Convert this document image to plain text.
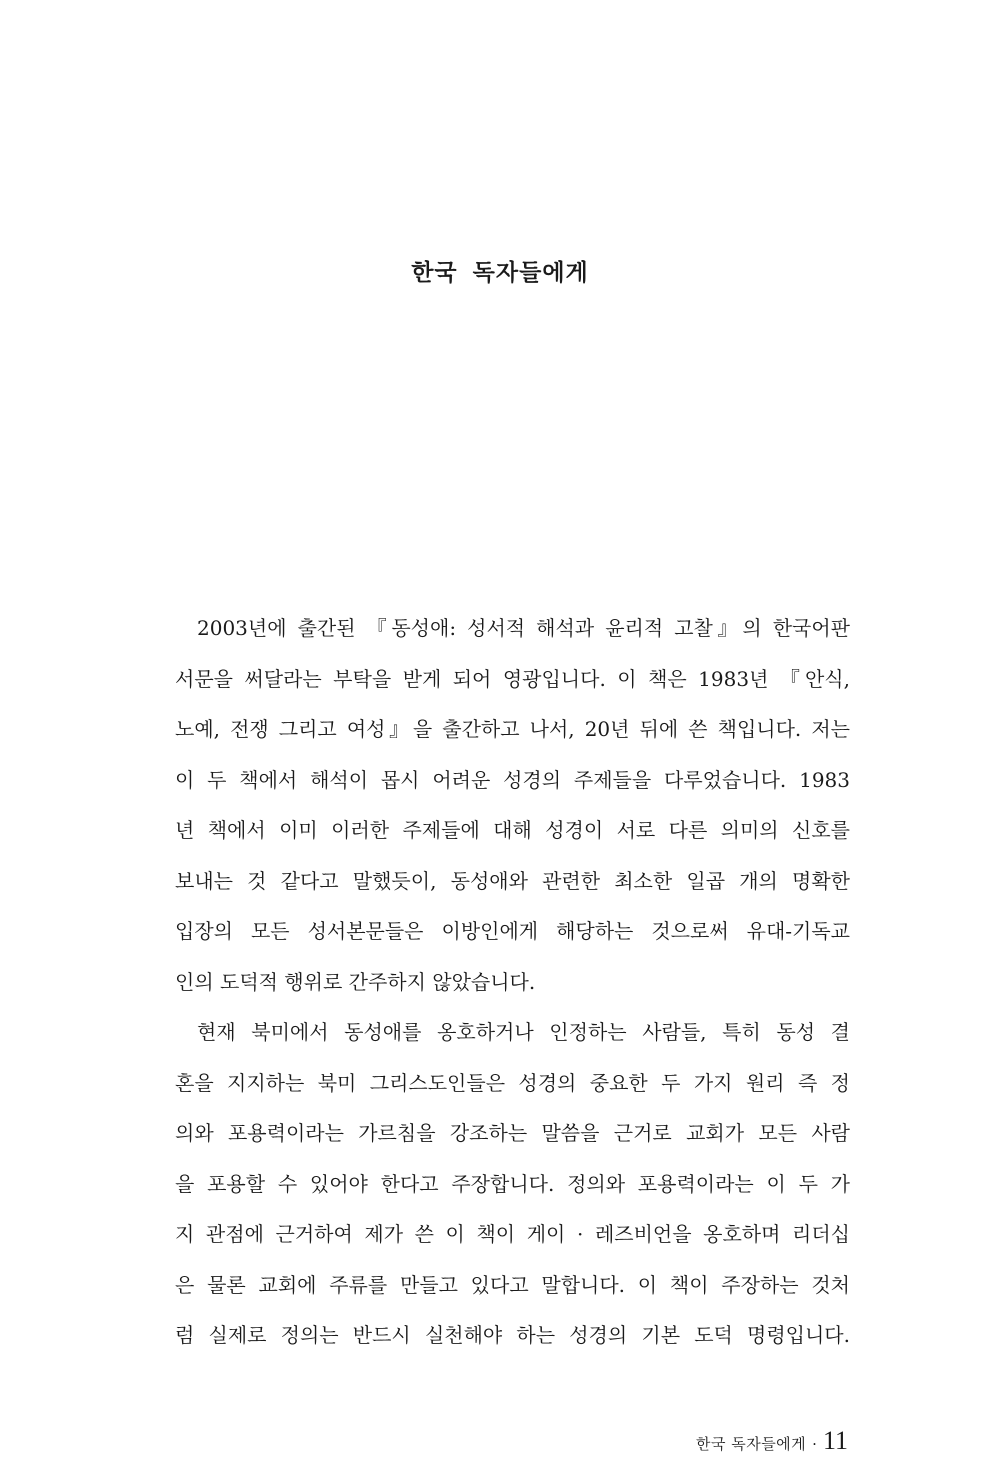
한국 독자들에게
2003년에 출간된 『동성애: 성서적 해석과 윤리적 고찰』의 한국어판
서문을 써달라는 부탁을 받게 되어 영광입니다. 이 책은 1983년 『안식,
노예, 전쟁 그리고 여성』을 출간하고 나서, 20년 뒤에 쓴 책입니다. 저는
이 두 책에서 해석이 몹시 어려운 성경의 주제들을 다루었습니다. 1983
년 책에서 이미 이러한 주제들에 대해 성경이 서로 다른 의미의 신호를
보내는 것 같다고 말했듯이, 동성애와 관련한 최소한 일곱 개의 명확한
입장의 모든 성서본문들은 이방인에게 해당하는 것으로써 유대-기독교
인의 도덕적 행위로 간주하지 않았습니다.
현재 북미에서 동성애를 옹호하거나 인정하는 사람들, 특히 동성 결
혼을 지지하는 북미 그리스도인들은 성경의 중요한 두 가지 원리 즉 정
의와 포용력이라는 가르침을 강조하는 말씀을 근거로 교회가 모든 사람
을 포용할 수 있어야 한다고 주장합니다. 정의와 포용력이라는 이 두 가
지 관점에 근거하여 제가 쓴 이 책이 게이 · 레즈비언을 옹호하며 리더십
은 물론 교회에 주류를 만들고 있다고 말합니다. 이 책이 주장하는 것처
럼 실제로 정의는 반드시 실천해야 하는 성경의 기본 도덕 명령입니다.
한국 독자들에게 · 11
